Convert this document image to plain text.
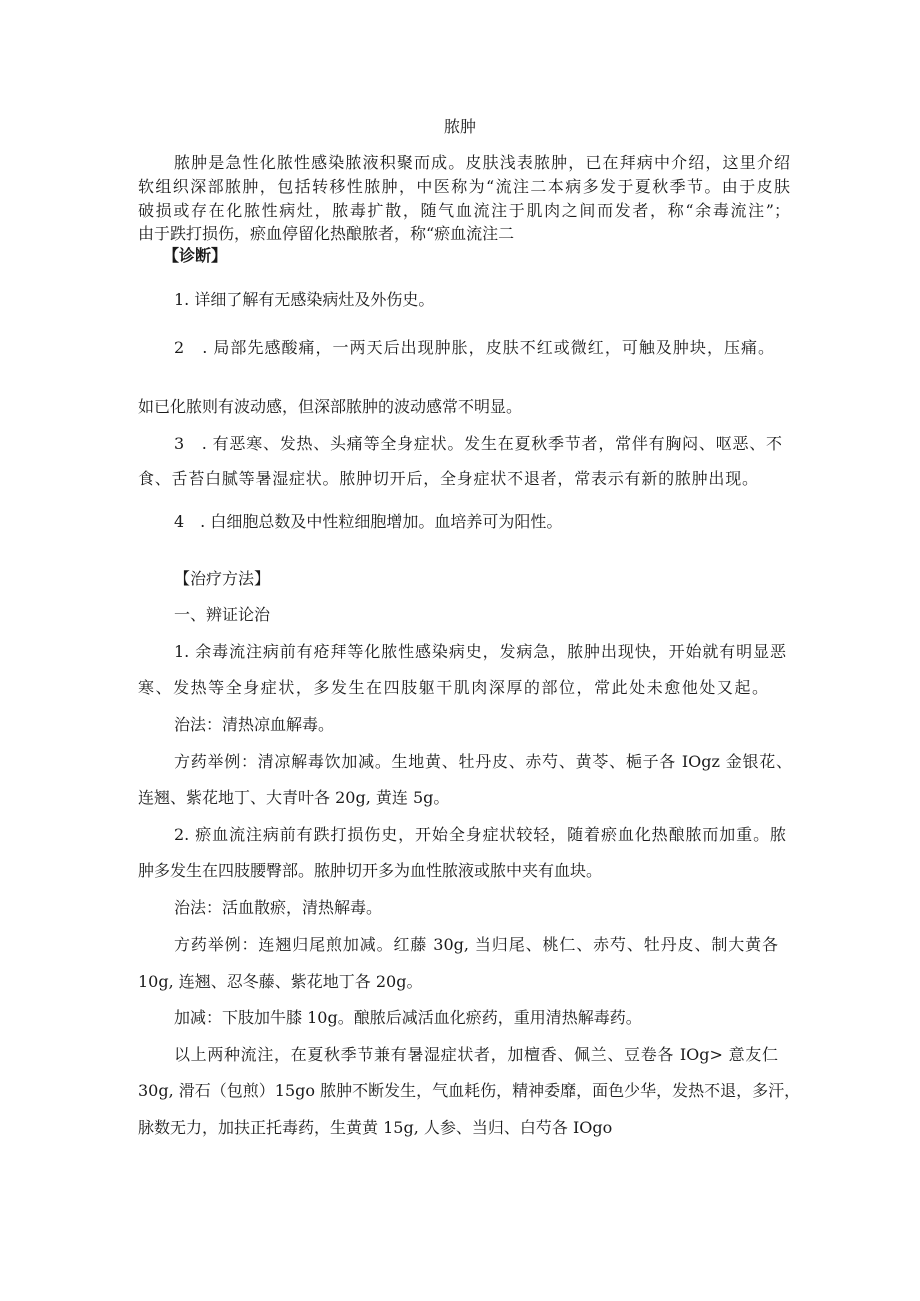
脓肿
脓肿是急性化脓性感染脓液积聚而成。皮肤浅表脓肿，已在拜病中介绍，这里介绍
软组织深部脓肿，包括转移性脓肿，中医称为“流注二本病多发于夏秋季节。由于皮肤
破损或存在化脓性病灶，脓毒扩散，随气血流注于肌肉之间而发者，称“余毒流注”；
由于跌打损伤，瘀血停留化热酿脓者，称“瘀血流注二
【诊断】
1. 详细了解有无感染病灶及外伤史。
2　. 局部先感酸痛，一两天后出现肿胀，皮肤不红或微红，可触及肿块，压痛。
如已化脓则有波动感，但深部脓肿的波动感常不明显。
3　. 有恶寒、发热、头痛等全身症状。发生在夏秋季节者，常伴有胸闷、呕恶、不
食、舌苔白腻等暑湿症状。脓肿切开后，全身症状不退者，常表示有新的脓肿出现。
4　. 白细胞总数及中性粒细胞增加。血培养可为阳性。
【治疗方法】
一、辨证论治
1. 余毒流注病前有疮拜等化脓性感染病史，发病急，脓肿出现快，开始就有明显恶
寒、发热等全身症状，多发生在四肢躯干肌肉深厚的部位，常此处未愈他处又起。
治法：清热凉血解毒。
方药举例：清凉解毒饮加减。生地黄、牡丹皮、赤芍、黄苓、梔子各 IOgz 金银花、
连翘、紫花地丁、大青叶各 20g, 黄连 5g。
2. 瘀血流注病前有跌打损伤史，开始全身症状较轻，随着瘀血化热酿脓而加重。脓
肿多发生在四肢腰臀部。脓肿切开多为血性脓液或脓中夹有血块。
治法：活血散瘀，清热解毒。
方药举例：连翘归尾煎加减。红藤 30g, 当归尾、桃仁、赤芍、牡丹皮、制大黄各
10g, 连翘、忍冬藤、紫花地丁各 20g。
加减：下肢加牛膝 10g。酿脓后减活血化瘀药，重用清热解毒药。
以上两种流注，在夏秋季节兼有暑湿症状者，加檀香、佩兰、豆卷各 IOg> 意友仁
30g, 滑石（包煎）15go 脓肿不断发生，气血耗伤，精神委靡，面色少华，发热不退，多汗，
脉数无力，加扶正托毒药，生黄黄 15g, 人参、当归、白芍各 IOgo
